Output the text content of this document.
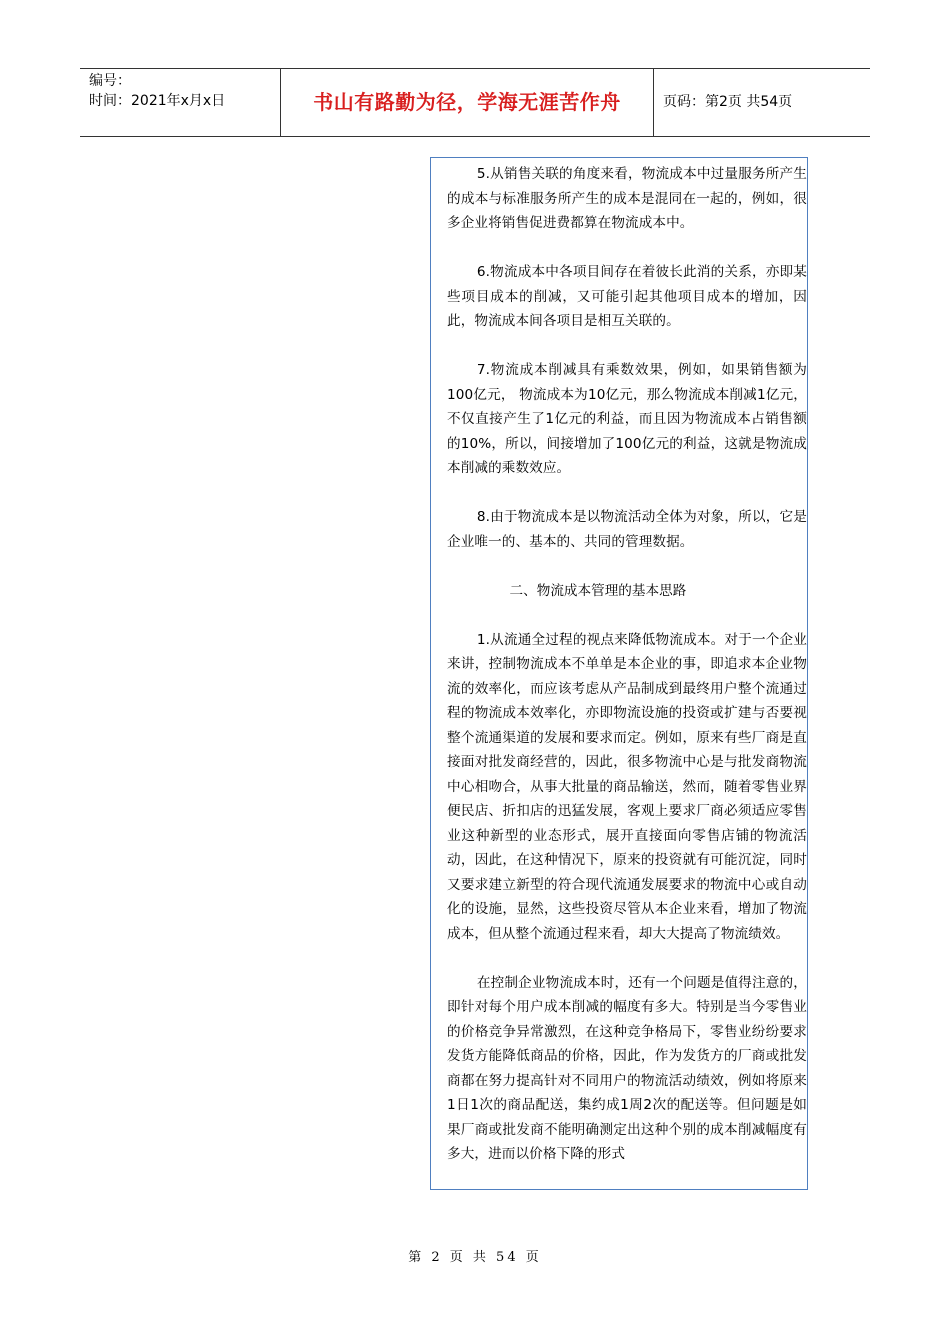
编号：
时间：2021年x月x日	书山有路勤为径，学海无涯苦作舟	页码：第2页 共54页

5.从销售关联的角度来看，物流成本中过量服务所产生的成本与标准服务所产生的成本是混同在一起的，例如，很多企业将销售促进费都算在物流成本中。

6.物流成本中各项目间存在着彼长此消的关系，亦即某些项目成本的削减，又可能引起其他项目成本的增加，因此，物流成本间各项目是相互关联的。

7.物流成本削减具有乘数效果，例如，如果销售额为100亿元， 物流成本为10亿元，那么物流成本削减1亿元，不仅直接产生了1亿元的利益，而且因为物流成本占销售额的10%，所以，间接增加了100亿元的利益，这就是物流成本削减的乘数效应。

8.由于物流成本是以物流活动全体为对象，所以，它是企业唯一的、基本的、共同的管理数据。

二、物流成本管理的基本思路

1.从流通全过程的视点来降低物流成本。对于一个企业来讲，控制物流成本不单单是本企业的事，即追求本企业物流的效率化，而应该考虑从产品制成到最终用户整个流通过程的物流成本效率化，亦即物流设施的投资或扩建与否要视整个流通渠道的发展和要求而定。例如，原来有些厂商是直接面对批发商经营的，因此，很多物流中心是与批发商物流中心相吻合，从事大批量的商品输送，然而，随着零售业界便民店、折扣店的迅猛发展，客观上要求厂商必须适应零售业这种新型的业态形式，展开直接面向零售店铺的物流活动，因此，在这种情况下，原来的投资就有可能沉淀，同时又要求建立新型的符合现代流通发展要求的物流中心或自动化的设施，显然，这些投资尽管从本企业来看，增加了物流成本，但从整个流通过程来看，却大大提高了物流绩效。

在控制企业物流成本时，还有一个问题是值得注意的，即针对每个用户成本削减的幅度有多大。特别是当今零售业的价格竞争异常激烈，在这种竞争格局下，零售业纷纷要求发货方能降低商品的价格，因此，作为发货方的厂商或批发商都在努力提高针对不同用户的物流活动绩效，例如将原来1日1次的商品配送，集约成1周2次的配送等。但问题是如果厂商或批发商不能明确测定出这种个别的成本削减幅度有多大，进而以价格下降的形式

第 2 页 共 54 页
